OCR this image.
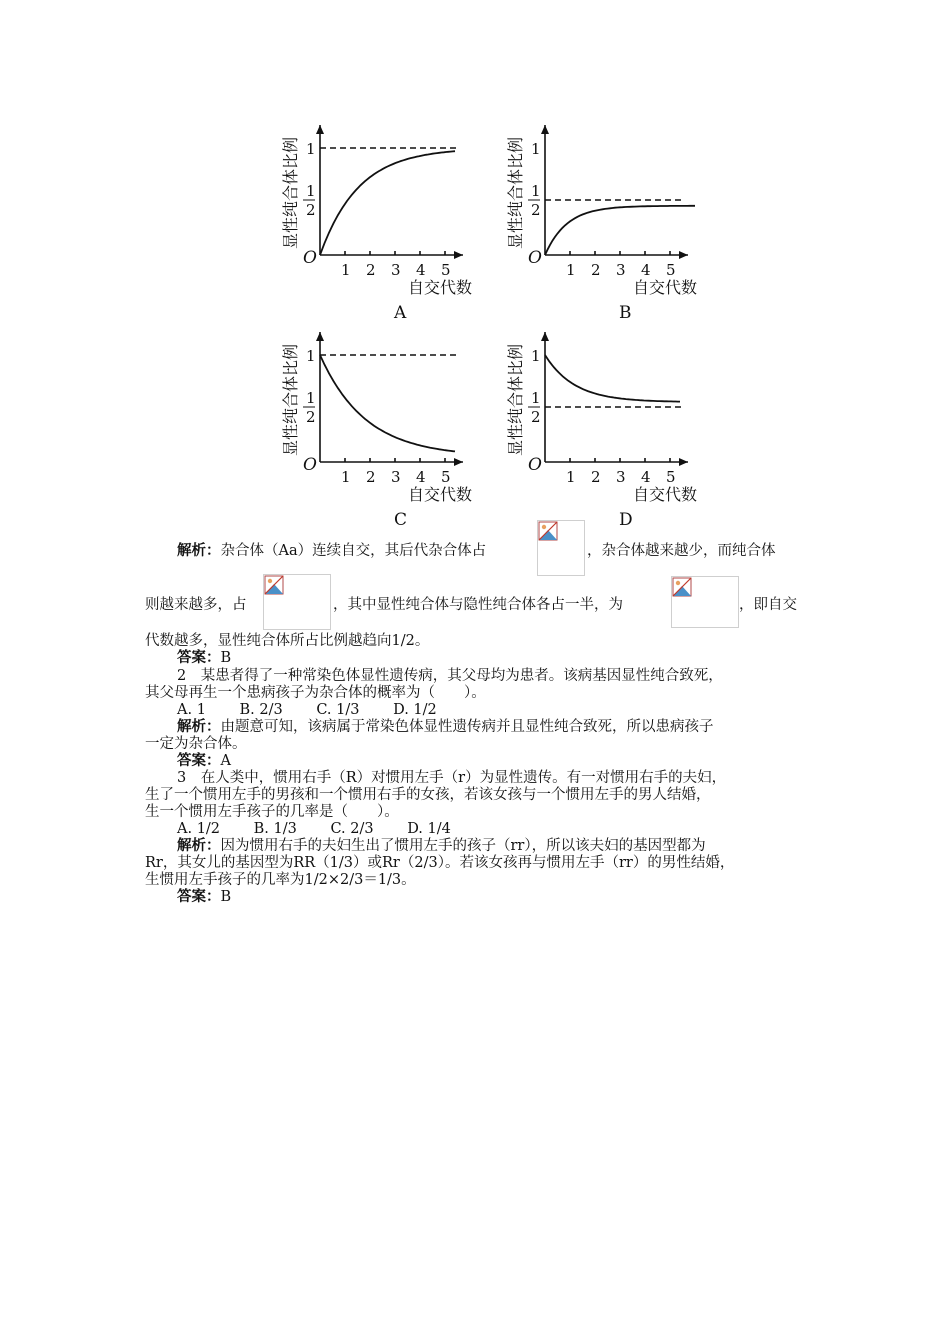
1 2 3 4 5
O
1
1
2
显性纯合体比例
自交代数
A
1 2 3 4 5
O
1
1
2
显性纯合体比例
自交代数
B
1 2 3 4 5
O
1
1
2
显性纯合体比例
自交代数
C
1 2 3 4 5
O
1
1
2
显性纯合体比例
自交代数
D
解析：杂合体（Aa）连续自交，其后代杂合体占	，杂合体越来越少，而纯合体
则越来越多，占	，其中显性纯合体与隐性纯合体各占一半，为	，即自交
代数越多，显性纯合体所占比例越趋向1/2。
答案：B
2　某患者得了一种常染色体显性遗传病，其父母均为患者。该病基因显性纯合致死，
其父母再生一个患病孩子为杂合体的概率为（　　）。
A. 1　　 B. 2/3　　 C. 1/3　　 D. 1/2
解析：由题意可知，该病属于常染色体显性遗传病并且显性纯合致死，所以患病孩子
一定为杂合体。
答案：A
3　在人类中，惯用右手（R）对惯用左手（r）为显性遗传。有一对惯用右手的夫妇，
生了一个惯用左手的男孩和一个惯用右手的女孩，若该女孩与一个惯用左手的男人结婚，
生一个惯用左手孩子的几率是（　　）。
A. 1/2　　 B. 1/3　　 C. 2/3　　 D. 1/4
解析：因为惯用右手的夫妇生出了惯用左手的孩子（rr），所以该夫妇的基因型都为
Rr，其女儿的基因型为RR（1/3）或Rr（2/3）。若该女孩再与惯用左手（rr）的男性结婚，
生惯用左手孩子的几率为1/2×2/3＝1/3。
答案：B
